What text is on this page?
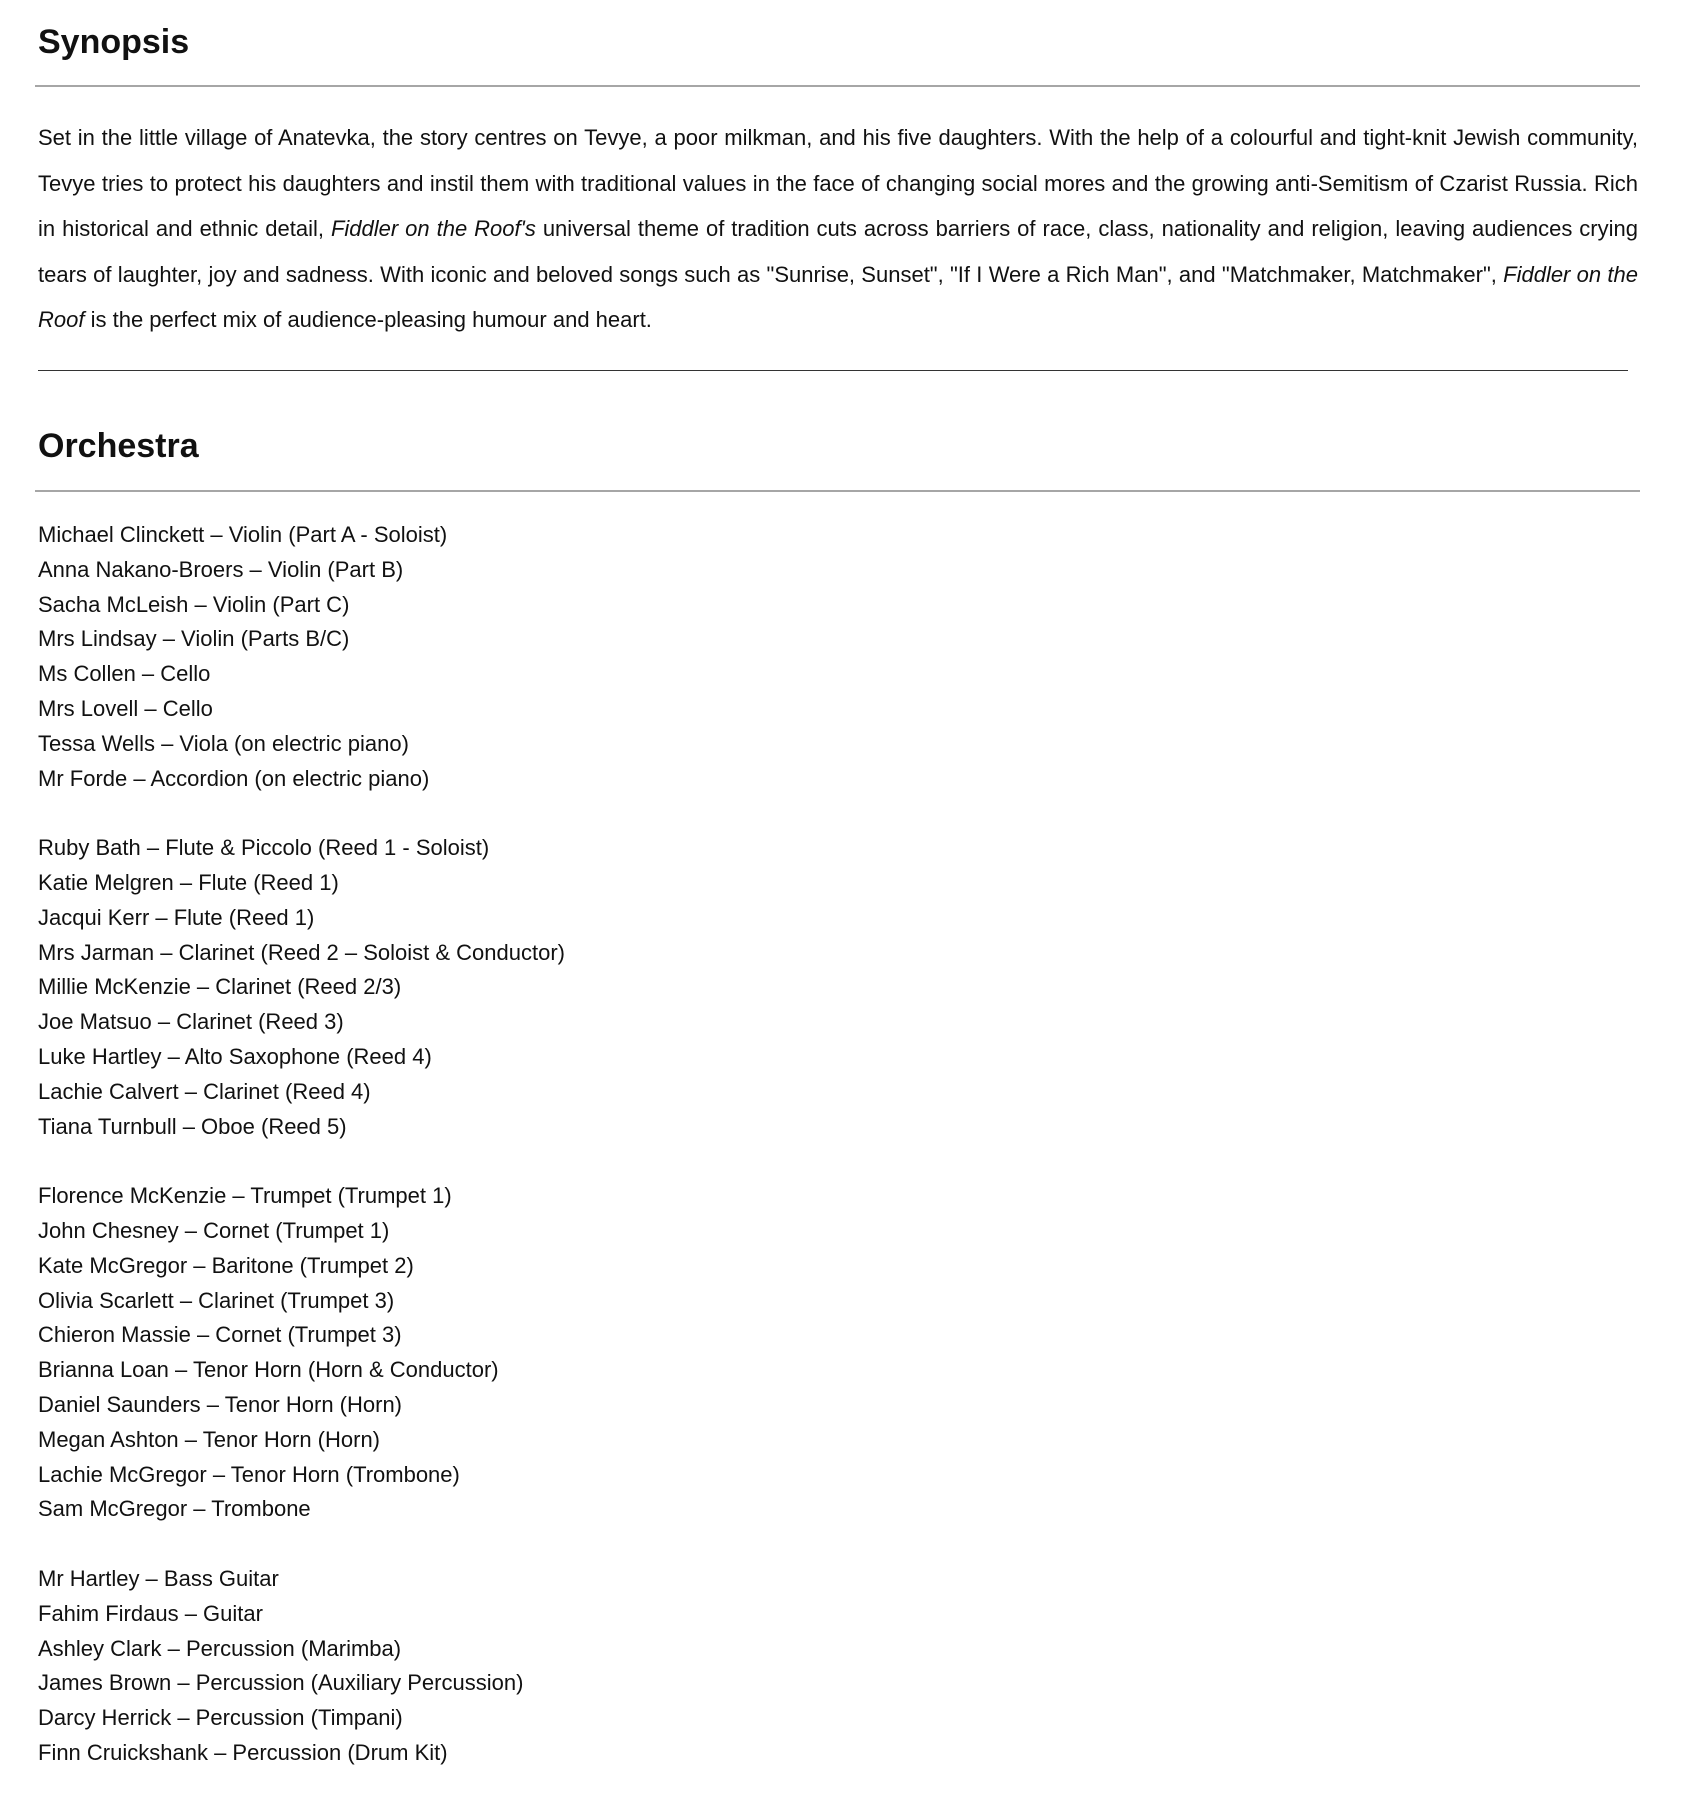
Synopsis

Set in the little village of Anatevka, the story centres on Tevye, a poor milkman, and his five daughters. With the help of a colourful and tight-knit Jewish community, Tevye tries to protect his daughters and instil them with traditional values in the face of changing social mores and the growing anti-Semitism of Czarist Russia. Rich in historical and ethnic detail, Fiddler on the Roof's universal theme of tradition cuts across barriers of race, class, nationality and religion, leaving audiences crying tears of laughter, joy and sadness. With iconic and beloved songs such as "Sunrise, Sunset", "If I Were a Rich Man", and "Matchmaker, Matchmaker", Fiddler on the Roof is the perfect mix of audience-pleasing humour and heart.

Orchestra
Michael Clinckett – Violin (Part A - Soloist)
Anna Nakano-Broers – Violin (Part B)
Sacha McLeish – Violin (Part C)
Mrs Lindsay – Violin (Parts B/C)
Ms Collen – Cello
Mrs Lovell – Cello
Tessa Wells – Viola (on electric piano)
Mr Forde – Accordion (on electric piano)
Ruby Bath – Flute & Piccolo (Reed 1 - Soloist)
Katie Melgren – Flute (Reed 1)
Jacqui Kerr – Flute (Reed 1)
Mrs Jarman – Clarinet (Reed 2 – Soloist & Conductor)
Millie McKenzie – Clarinet (Reed 2/3)
Joe Matsuo – Clarinet (Reed 3)
Luke Hartley – Alto Saxophone (Reed 4)
Lachie Calvert – Clarinet (Reed 4)
Tiana Turnbull – Oboe (Reed 5)
Florence McKenzie – Trumpet (Trumpet 1)
John Chesney – Cornet (Trumpet 1)
Kate McGregor – Baritone (Trumpet 2)
Olivia Scarlett – Clarinet (Trumpet 3)
Chieron Massie – Cornet (Trumpet 3)
Brianna Loan – Tenor Horn (Horn & Conductor)
Daniel Saunders – Tenor Horn (Horn)
Megan Ashton – Tenor Horn (Horn)
Lachie McGregor – Tenor Horn (Trombone)
Sam McGregor – Trombone
Mr Hartley – Bass Guitar
Fahim Firdaus – Guitar
Ashley Clark – Percussion (Marimba)
James Brown – Percussion (Auxiliary Percussion)
Darcy Herrick – Percussion (Timpani)
Finn Cruickshank – Percussion (Drum Kit)
